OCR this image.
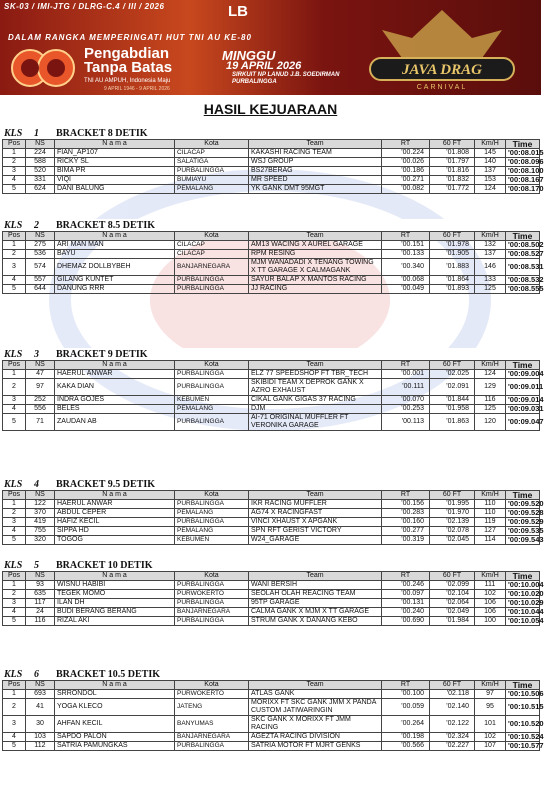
SK-03 / IMI-JTG / DLRG-C.4 / III / 2026	LB
DALAM RANGKA MEMPERINGATI HUT TNI AU KE-80
Pengabdian Tanpa Batas
TNI AU AMPUH, Indonesia Maju
9 APRIL 1946 - 9 APRIL 2026
MINGGU
19 APRIL 2026
SIRKUIT NP LANUD J.B. SOEDIRMAN PURBALINGGA
JAVA DRAG
CARNIVAL
HASIL KEJUARAAN
KLS	1	BRACKET 8 DETIK
Pos	NS	N a m a	Kota	Team	RT	60 FT	Km/H	Time
1	224	FIAN_AP107	CILACAP	KAKASHI RACING TEAM	'00.224	'01.808	145	'00:08.015
2	588	RICKY SL	SALATIGA	WSJ GROUP	'00.026	'01.797	140	'00:08.096
3	520	BIMA PR	PURBALINGGA	BS27BERAG	'00.186	'01.816	137	'00:08.100
4	331	VIQI	BUMIAYU	MR SPEED	'00.271	'01.832	153	'00:08.167
5	624	DANI BALUNG	PEMALANG	YK GANK DMT 95MGT	'00.082	'01.772	124	'00:08.170
KLS	2	BRACKET 8.5 DETIK
Pos	NS	N a m a	Kota	Team	RT	60 FT	Km/H	Time
1	275	ARI MAN MAN	CILACAP	AM13 WACING X AUREL GARAGE	'00.151	'01.978	132	'00:08.502
2	536	BAYU	CILACAP	RPM RESING	'00.133	'01.905	137	'00:08.527
3	574	DHEMAZ DOLLBYBEH	BANJARNEGARA	MJM WANADADI X TENANG TOWING X TT GARAGE X CALMAGANK	'00.340	'01.883	146	'00:08.531
4	557	GILANG KUNTET	PURBALINGGA	SAYUR BALAP X MANTOS RACING	'00.068	'01.864	133	'00:08.532
5	644	DANUNG RRR	PURBALINGGA	JJ RACING	'00.049	'01.893	125	'00:08.555
KLS	3	BRACKET 9 DETIK
Pos	NS	N a m a	Kota	Team	RT	60 FT	Km/H	Time
1	47	HAERUL ANWAR	PURBALINGGA	ELZ 77 SPEEDSHOP FT TBR_TECH	'00.001	'02.025	124	'00:09.004
2	97	KAKA DIAN	PURBALINGGA	SKIBIDI TEAM X DEPROK GANK X AZRO EXHAUST	'00.111	'02.091	129	'00:09.011
3	252	INDRA GOJES	KEBUMEN	CIKAL GANK GIGAS 37 RACING	'00.070	'01.844	116	'00:09.014
4	556	BELES	PEMALANG	DJM	'00.253	'01.958	125	'00:09.031
5	71	ZAUDAN AB	PURBALINGGA	AI-71 ORIGINAL MUFFLER FT VERONIKA GARAGE	'00.113	'01.863	120	'00:09.047
KLS	4	BRACKET 9.5 DETIK
Pos	NS	N a m a	Kota	Team	RT	60 FT	Km/H	Time
1	122	HAERUL ANWAR	PURBALINGGA	IKR RACING MUFFLER	'00.156	'01.995	110	'00:09.520
2	370	ABDUL CEPER	PEMALANG	AG74 X RACINGFAST	'00.283	'01.970	110	'00:09.528
3	419	HAFIZ KECIL	PURBALINGGA	VINCI XHAUST X APGANK	'00.160	'02.139	119	'00:09.529
4	755	SIPPA HD	PEMALANG	SPN RFT GERIST VICTORY	'00.277	'02.078	127	'00:09.535
5	320	TOGOG	KEBUMEN	W24_GARAGE	'00.319	'02.045	114	'00:09.543
KLS	5	BRACKET 10 DETIK
Pos	NS	N a m a	Kota	Team	RT	60 FT	Km/H	Time
1	93	WISNU HABIBI	PURBALINGGA	WANI BERSIH	'00.246	'02.099	111	'00:10.004
2	635	TEGEK MOMO	PURWOKERTO	SEOLAH OLAH REACING TEAM	'00.097	'02.104	102	'00:10.020
3	117	ILAN DH	PURBALINGGA	95TP GARAGE	'00.131	'02.064	106	'00:10.029
4	24	BUDI BERANG BERANG	BANJARNEGARA	CALMA GANK X MJM X TT GARAGE	'00.240	'02.049	106	'00:10.044
5	116	RIZAL AKI	PURBALINGGA	STRUM GANK X DANANG KEBO	'00.690	'01.984	100	'00:10.054
KLS	6	BRACKET 10.5 DETIK
Pos	NS	N a m a	Kota	Team	RT	60 FT	Km/H	Time
1	693	SRRONDOL	PURWOKERTO	ATLAS GANK	'00.100	'02.118	97	'00:10.506
2	41	YOGA KLECO	JATENG	MORIXX FT SKC GANK JMM X PANDA CUSTOM JATIWARINGIN	'00.059	'02.140	95	'00:10.515
3	30	AHFAN KECIL	BANYUMAS	SKC GANK X MORIXX FT JMM RACING	'00.264	'02.122	101	'00:10.520
4	103	SAPDO PALON	BANJARNEGARA	AGEZTA RACING DIVISION	'00.198	'02.324	102	'00:10.524
5	112	SATRIA PAMUNGKAS	PURBALINGGA	SATRIA MOTOR FT MJRT GENKS	'00.566	'02.227	107	'00:10.577
